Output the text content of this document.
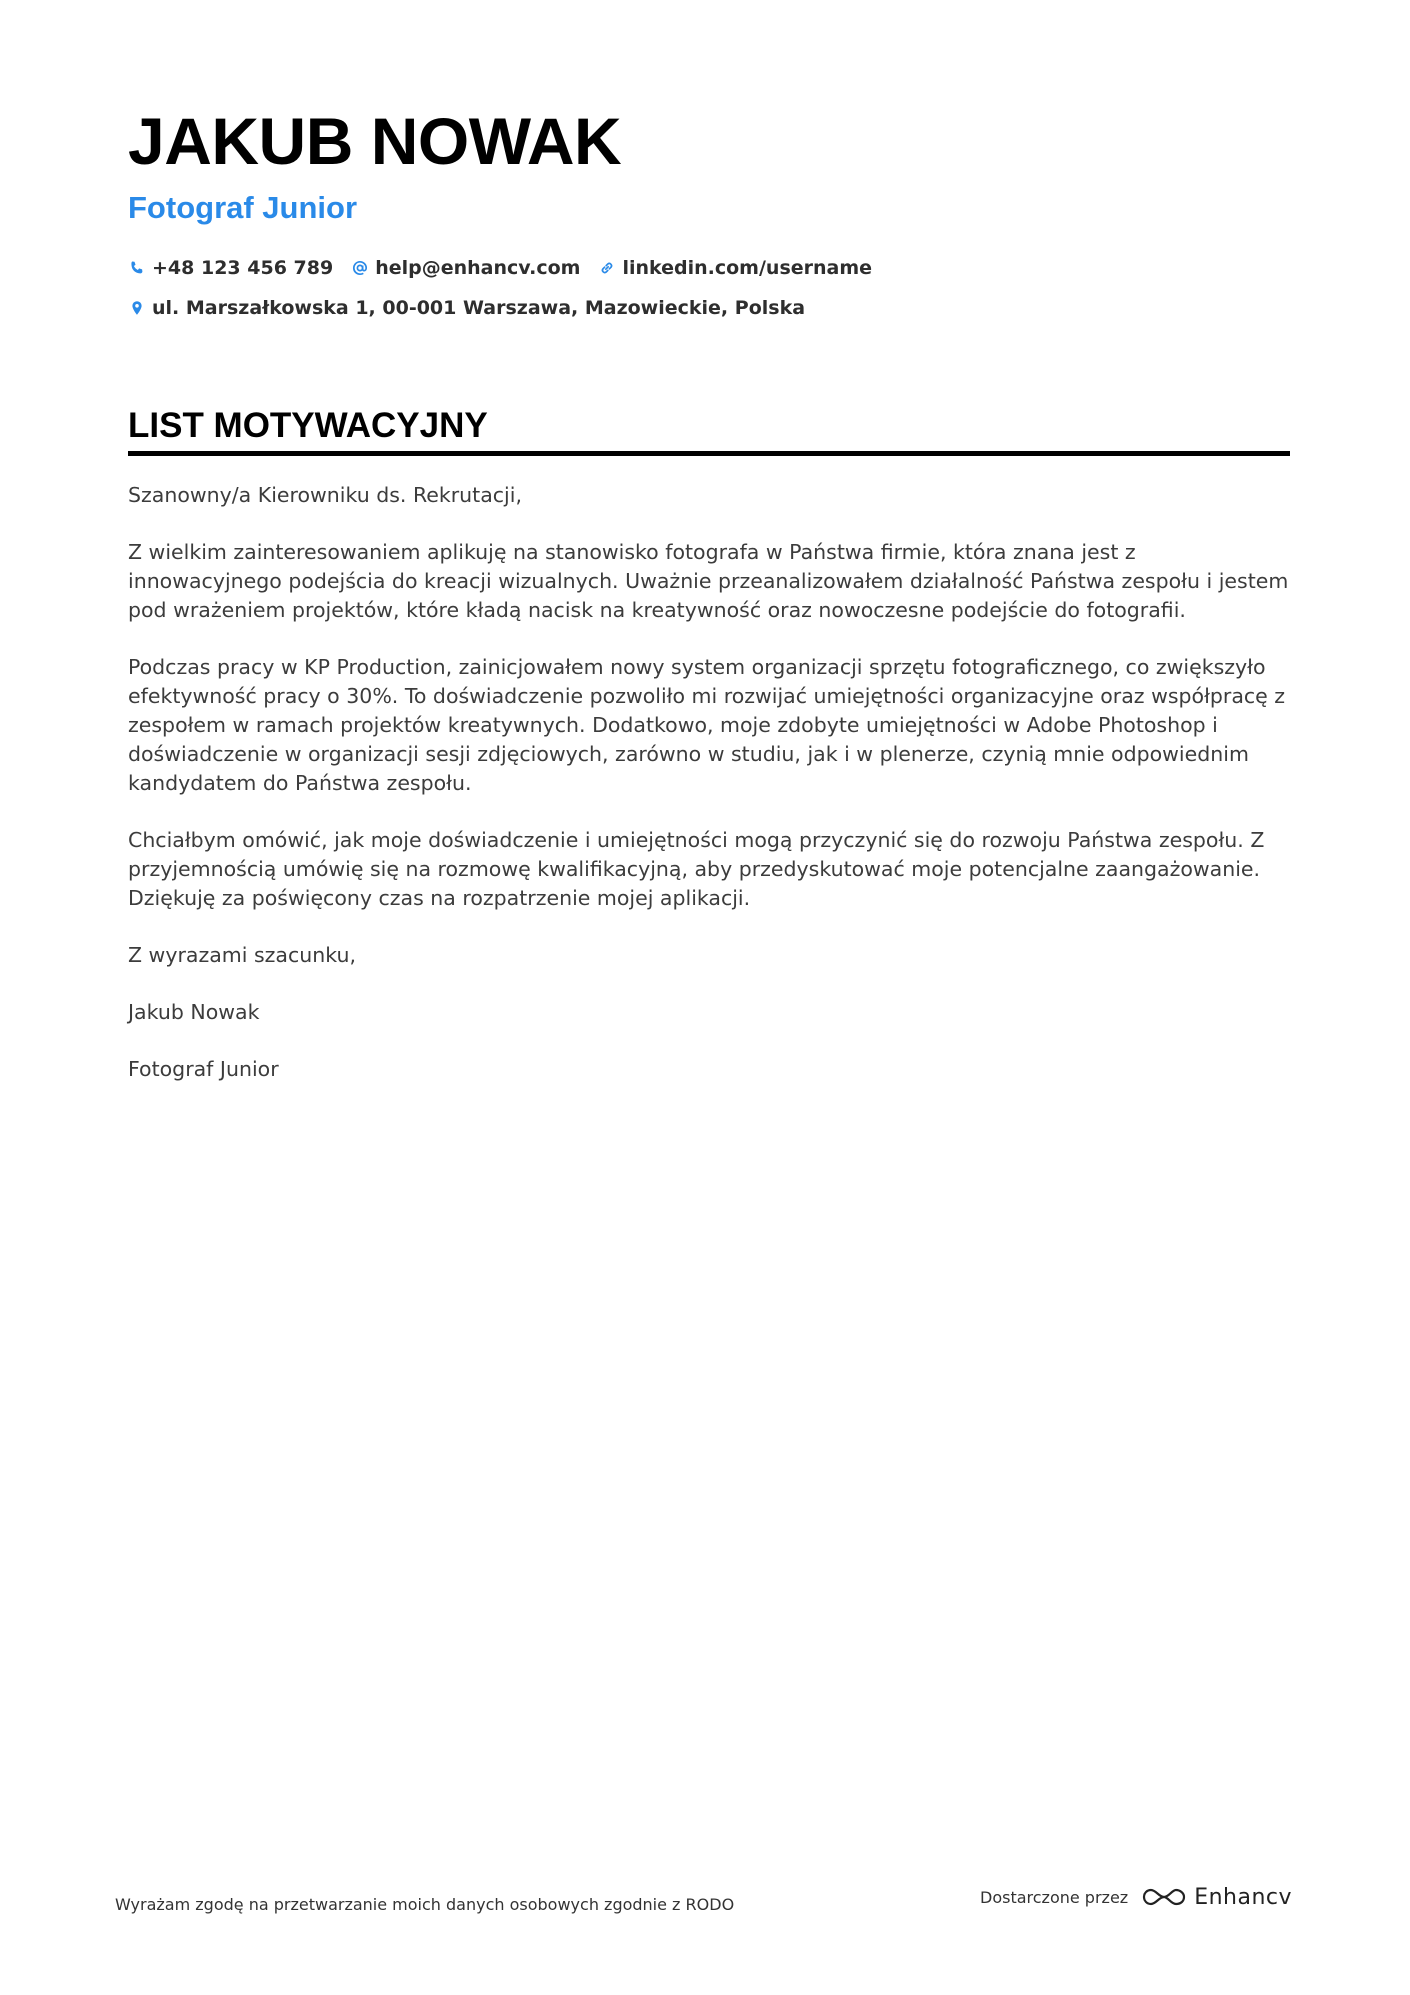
JAKUB NOWAK
Fotograf Junior
+48 123 456 789 help@enhancv.com linkedin.com/username
ul. Marszałkowska 1, 00-001 Warszawa, Mazowieckie, Polska
LIST MOTYWACYJNY

Szanowny/a Kierowniku ds. Rekrutacji,

Z wielkim zainteresowaniem aplikuję na stanowisko fotografa w Państwa firmie, która znana jest z innowacyjnego podejścia do kreacji wizualnych. Uważnie przeanalizowałem działalność Państwa zespołu i jestem pod wrażeniem projektów, które kładą nacisk na kreatywność oraz nowoczesne podejście do fotografii.

Podczas pracy w KP Production, zainicjowałem nowy system organizacji sprzętu fotograficznego, co zwiększyło efektywność pracy o 30%. To doświadczenie pozwoliło mi rozwijać umiejętności organizacyjne oraz współpracę z zespołem w ramach projektów kreatywnych. Dodatkowo, moje zdobyte umiejętności w Adobe Photoshop i doświadczenie w organizacji sesji zdjęciowych, zarówno w studiu, jak i w plenerze, czynią mnie odpowiednim kandydatem do Państwa zespołu.

Chciałbym omówić, jak moje doświadczenie i umiejętności mogą przyczynić się do rozwoju Państwa zespołu. Z przyjemnością umówię się na rozmowę kwalifikacyjną, aby przedyskutować moje potencjalne zaangażowanie. Dziękuję za poświęcony czas na rozpatrzenie mojej aplikacji.

Z wyrazami szacunku,

Jakub Nowak

Fotograf Junior

Wyrażam zgodę na przetwarzanie moich danych osobowych zgodnie z RODO	Dostarczone przez	Enhancv
